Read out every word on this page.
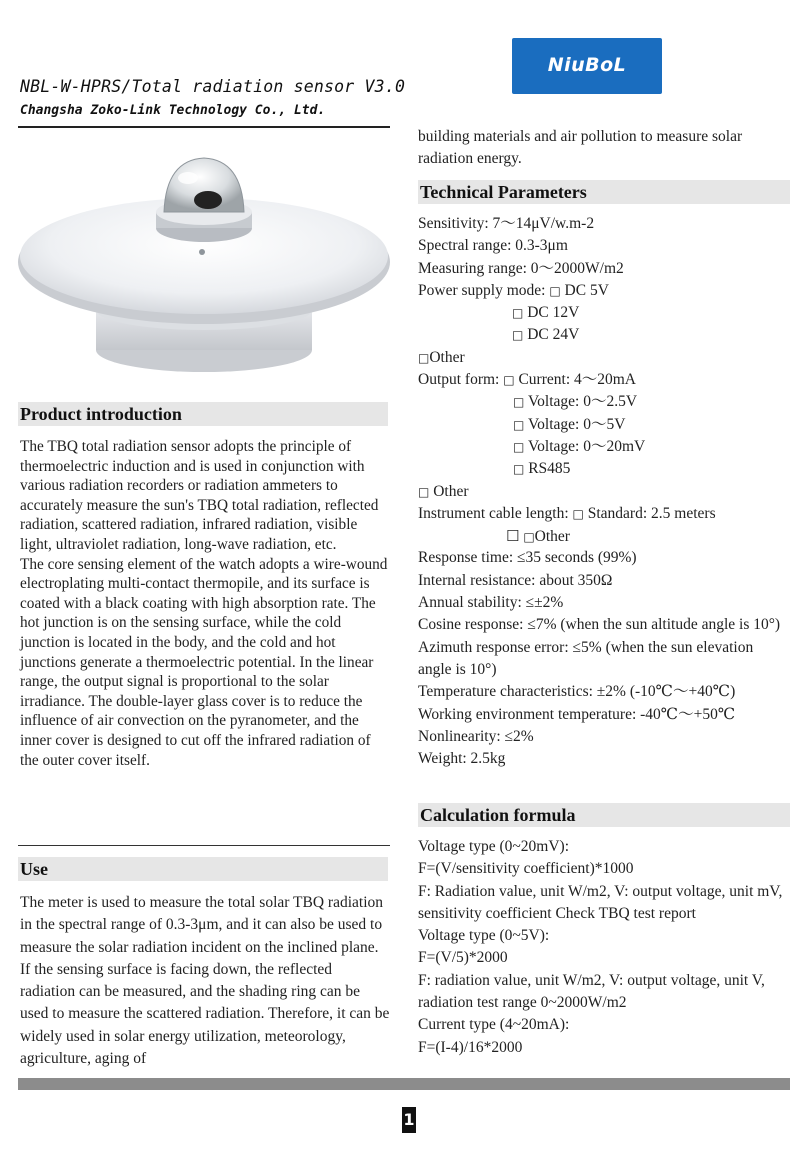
NBL-W-HPRS/Total radiation sensor V3.0
Changsha Zoko-Link Technology Co., Ltd.
NiuBoL
Product introduction

The TBQ total radiation sensor adopts the principle of thermoelectric induction and is used in conjunction with various radiation recorders or radiation ammeters to accurately measure the sun's TBQ total radiation, reflected radiation, scattered radiation, infrared radiation, visible light, ultraviolet radiation, long-wave radiation, etc.

The core sensing element of the watch adopts a wire-wound electroplating multi-contact thermopile, and its surface is coated with a black coating with high absorption rate. The hot junction is on the sensing surface, while the cold junction is located in the body, and the cold and hot junctions generate a thermoelectric potential. In the linear range, the output signal is proportional to the solar irradiance. The double-layer glass cover is to reduce the influence of air convection on the pyranometer, and the inner cover is designed to cut off the infrared radiation of the outer cover itself.

Use
The meter is used to measure the total solar TBQ radiation in the spectral range of 0.3-3μm, and it can also be used to measure the solar radiation incident on the inclined plane. If the sensing surface is facing down, the reflected radiation can be measured, and the shading ring can be used to measure the scattered radiation. Therefore, it can be widely used in solar energy utilization, meteorology, agriculture, aging of
building materials and air pollution to measure solar radiation energy.
Technical Parameters
Sensitivity: 7～14μV/w.m-2
Spectral range: 0.3-3μm
Measuring range: 0～2000W/m2
Power supply mode: □ DC 5V
□ DC 12V
□ DC 24V
□Other
Output form: □ Current: 4～20mA
□ Voltage: 0～2.5V
□ Voltage: 0～5V
□ Voltage: 0～20mV
□ RS485
□ Other
Instrument cable length: □ Standard: 2.5 meters
☐ □Other
Response time: ≤35 seconds (99%)
Internal resistance: about 350Ω
Annual stability: ≤±2%
Cosine response: ≤7% (when the sun altitude angle is 10°)
Azimuth response error: ≤5% (when the sun elevation angle is 10°)
Temperature characteristics: ±2% (-10℃～+40℃)
Working environment temperature: -40℃～+50℃
Nonlinearity: ≤2%
Weight: 2.5kg
Calculation formula
Voltage type (0~20mV):
F=(V/sensitivity coefficient)*1000
F: Radiation value, unit W/m2, V: output voltage, unit mV, sensitivity coefficient Check TBQ test report
Voltage type (0~5V):
F=(V/5)*2000
F: radiation value, unit W/m2, V: output voltage, unit V, radiation test range 0~2000W/m2
Current type (4~20mA):
F=(I-4)/16*2000
1
